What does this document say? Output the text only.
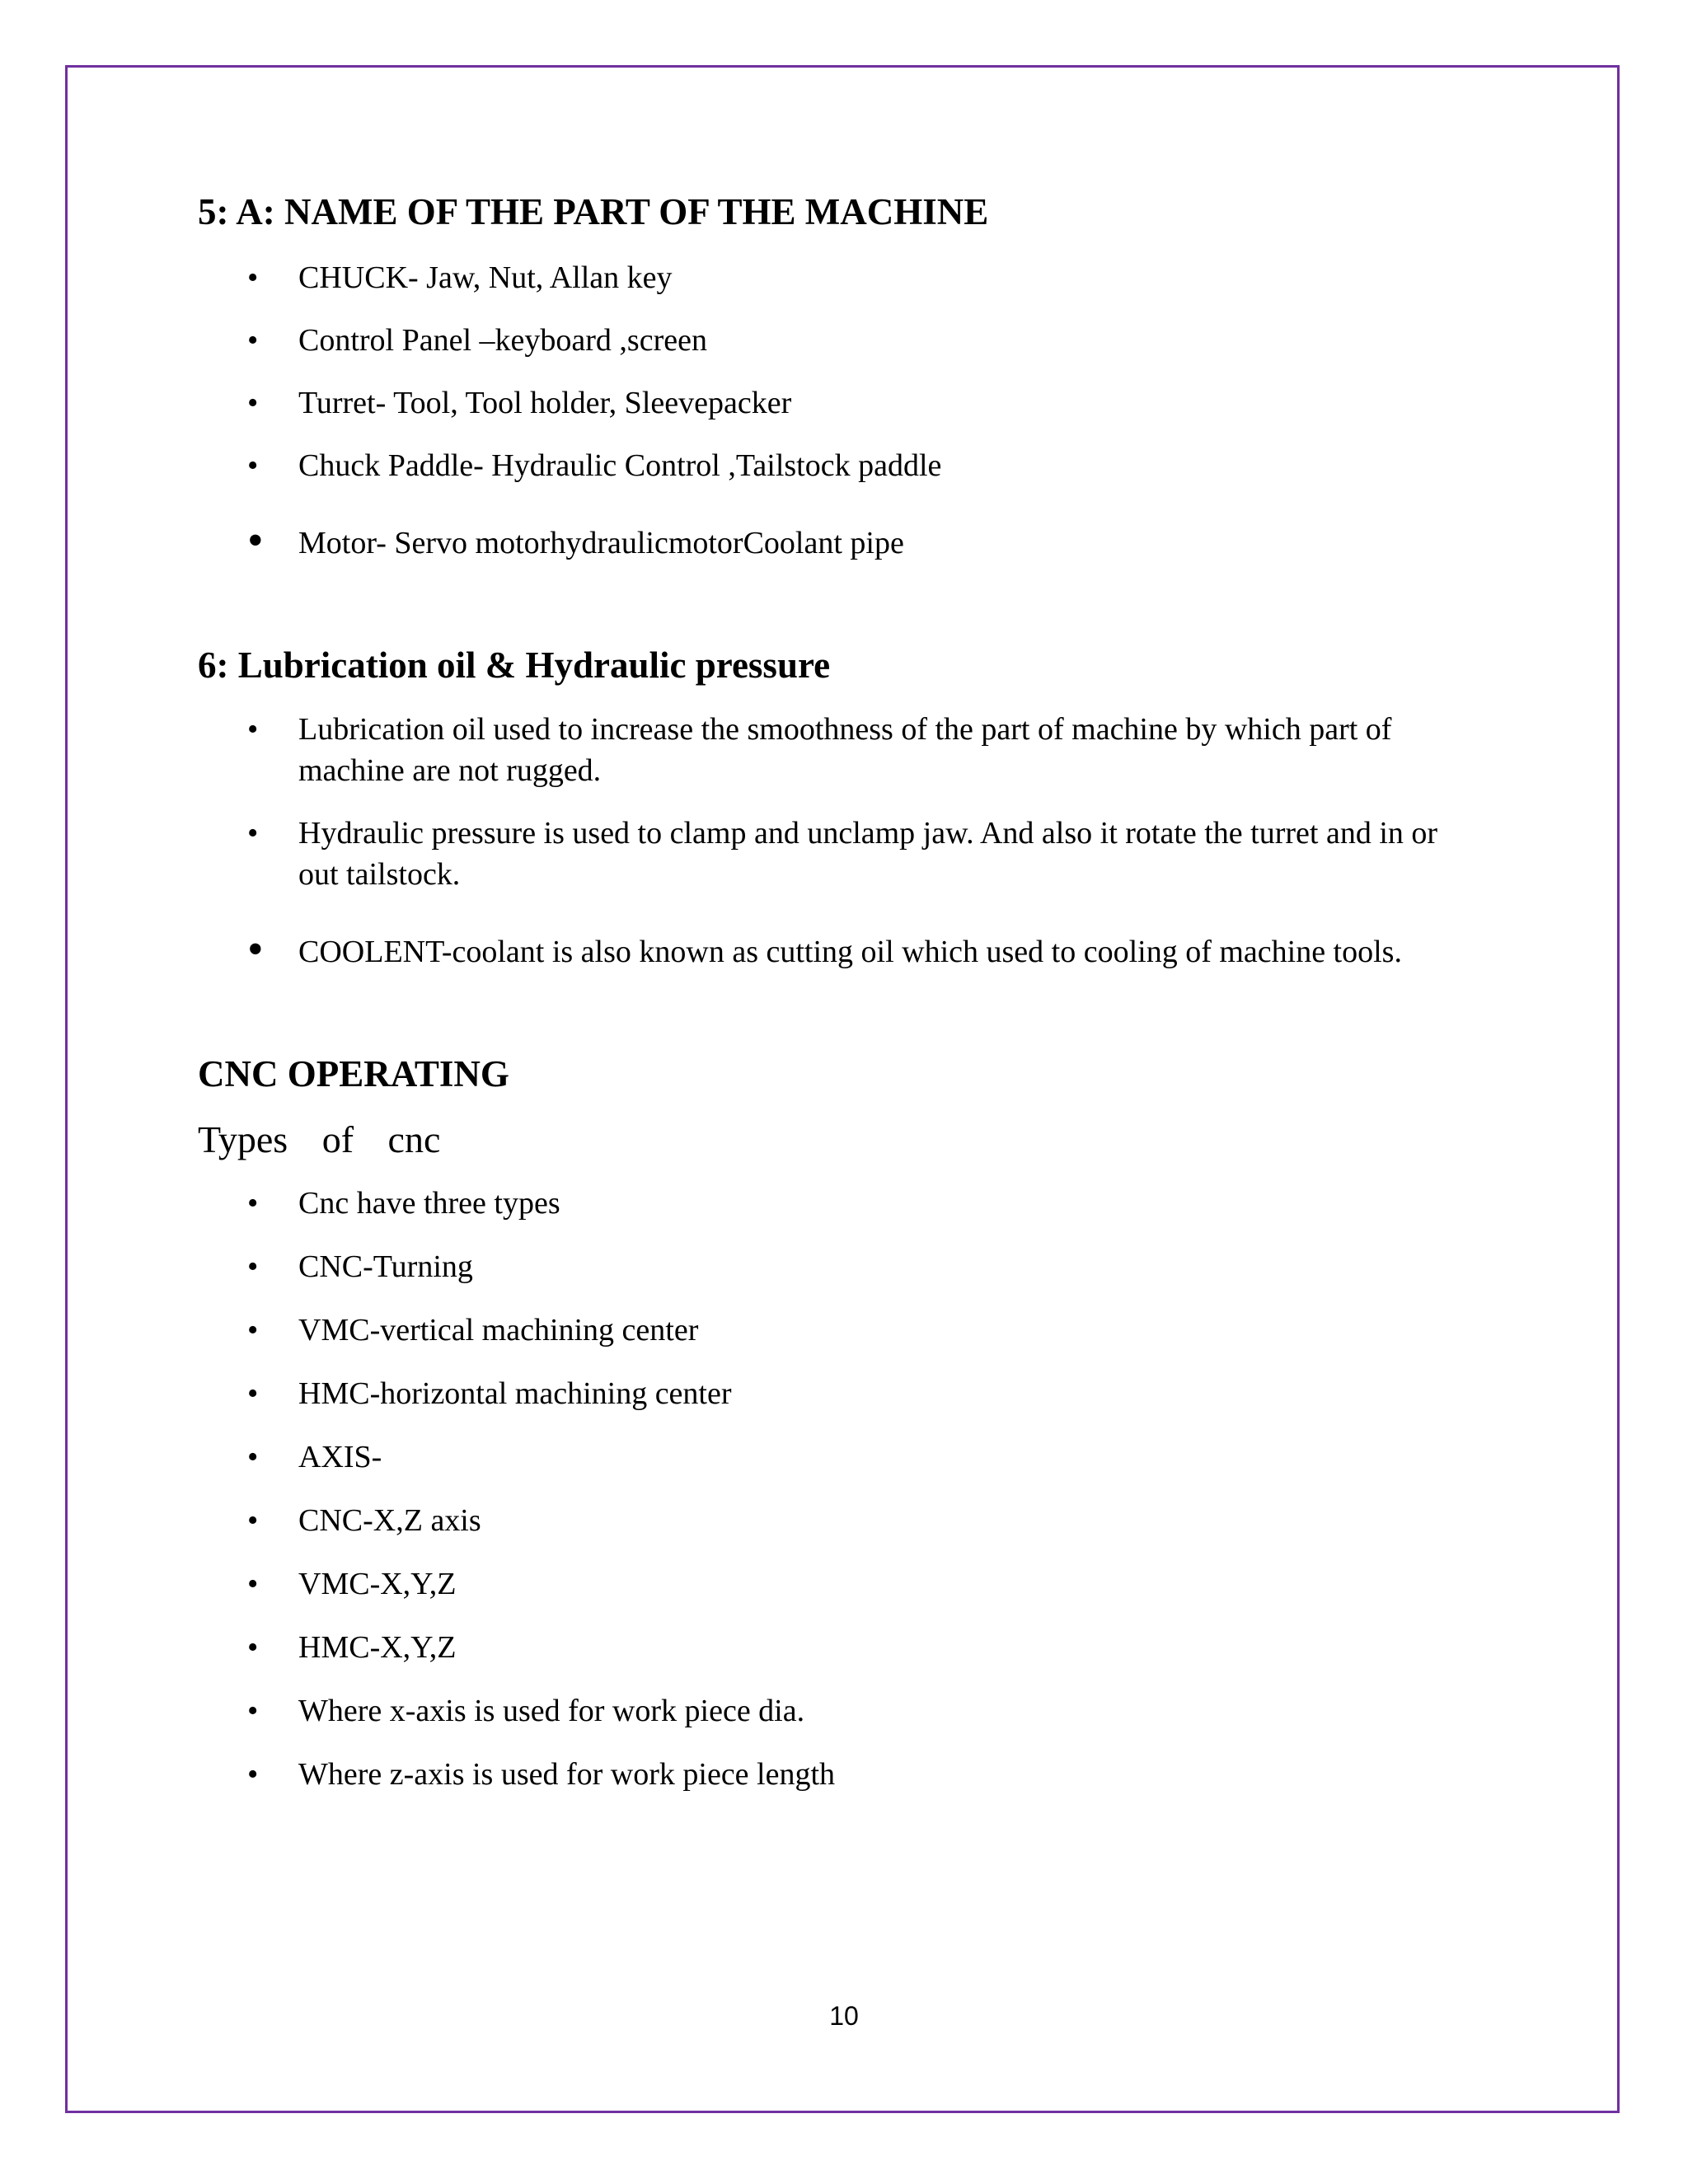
5: A: NAME OF THE PART OF THE MACHINE
• CHUCK- Jaw, Nut, Allan key
• Control Panel –keyboard ,screen
• Turret- Tool, Tool holder, Sleevepacker
• Chuck Paddle- Hydraulic Control ,Tailstock paddle
• Motor- Servo motorhydraulicmotorCoolant pipe
6: Lubrication oil & Hydraulic pressure
• Lubrication oil used to increase the smoothness of the part of machine by which part of machine are not rugged.
• Hydraulic pressure is used to clamp and unclamp jaw. And also it rotate the turret and in or out tailstock.
• COOLENT-coolant is also known as cutting oil which used to cooling of machine tools.
CNC OPERATING

Types of cnc

• Cnc have three types
• CNC-Turning
• VMC-vertical machining center
• HMC-horizontal machining center
• AXIS-
• CNC-X,Z axis
• VMC-X,Y,Z
• HMC-X,Y,Z
• Where x-axis is used for work piece dia.
• Where z-axis is used for work piece length
10
